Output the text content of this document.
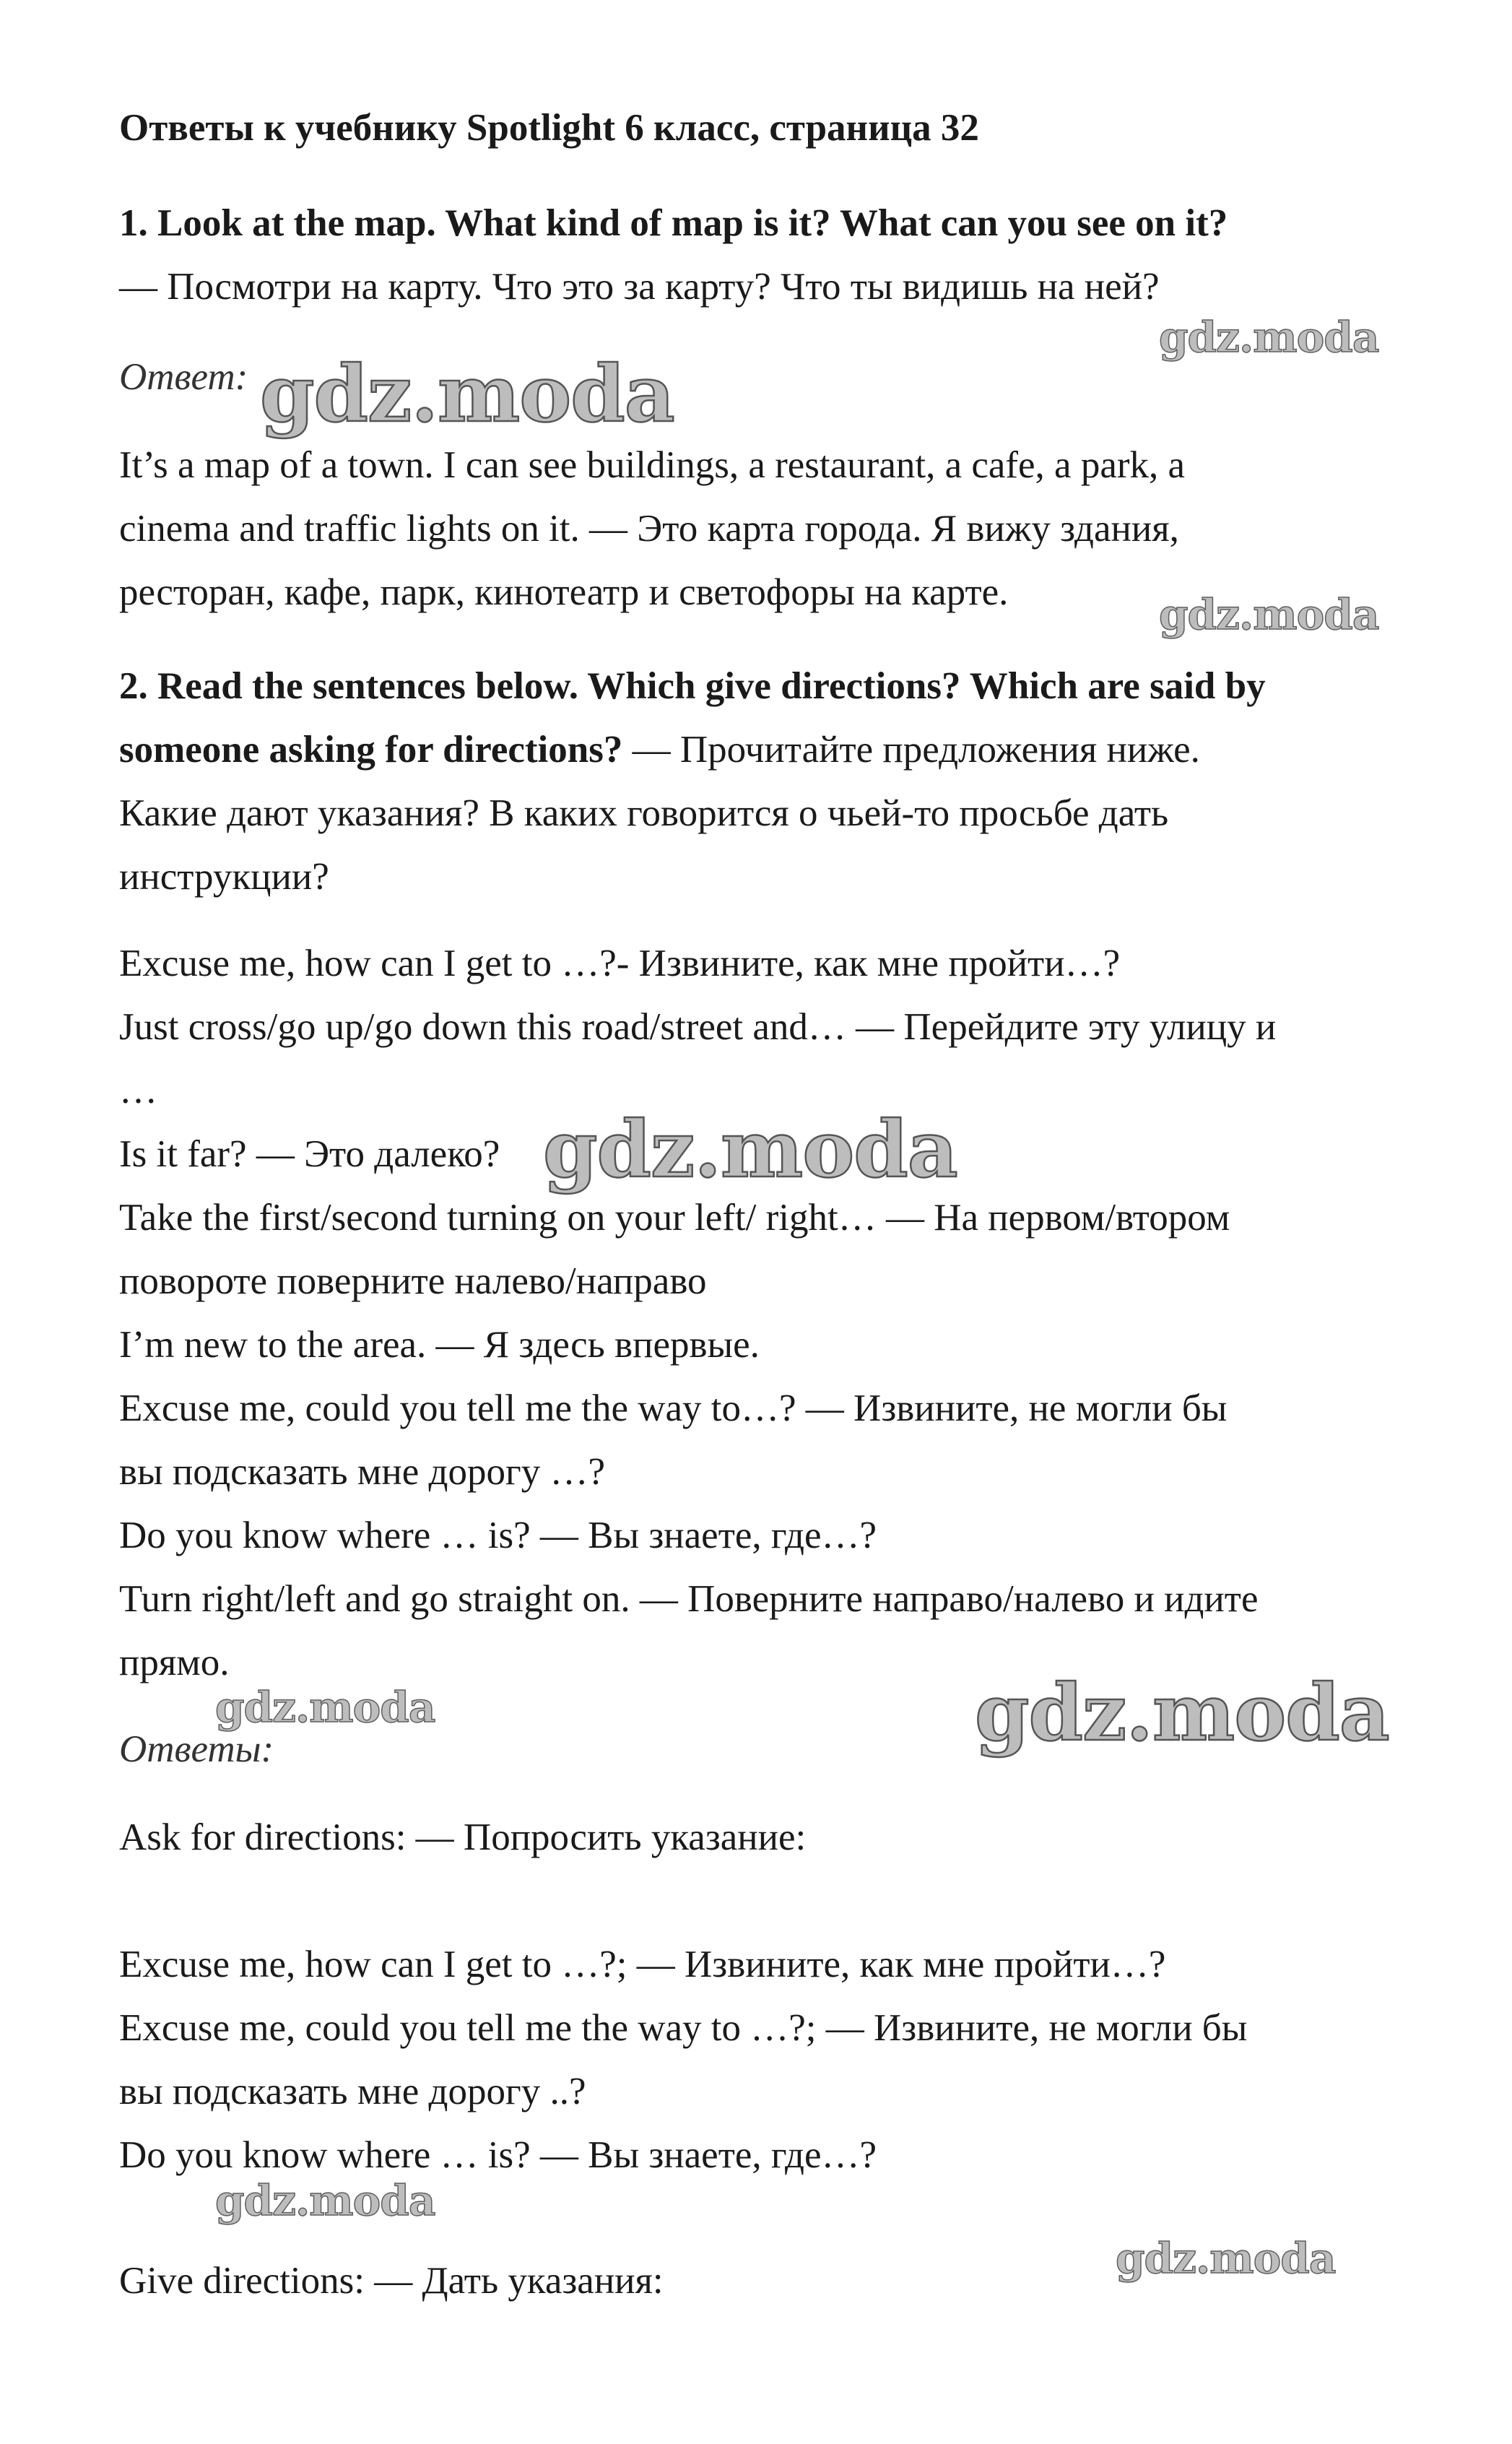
Ответы к учебнику Spotlight 6 класс, страница 32
1. Look at the map. What kind of map is it? What can you see on it?
— Посмотри на карту. Что это за карту? Что ты видишь на ней?
Ответ:
It’s a map of a town. I can see buildings, a restaurant, a cafe, a park, a
cinema and traffic lights on it. — Это карта города. Я вижу здания,
ресторан, кафе, парк, кинотеатр и светофоры на карте.
2. Read the sentences below. Which give directions? Which are said by
someone asking for directions? — Прочитайте предложения ниже.
Какие дают указания? В каких говорится о чьей-то просьбе дать
инструкции?
Excuse me, how can I get to …?- Извините, как мне пройти…?
Just cross/go up/go down this road/street and… — Перейдите эту улицу и
…
Is it far? — Это далеко?
Take the first/second turning on your left/ right… — На первом/втором
повороте поверните налево/направо
I’m new to the area. — Я здесь впервые.
Excuse me, could you tell me the way to…? — Извините, не могли бы
вы подсказать мне дорогу …?
Do you know where … is? — Вы знаете, где…?
Turn right/left and go straight on. — Поверните направо/налево и идите
прямо.
Ответы:
Ask for directions: — Попросить указание:
Excuse me, how can I get to …?; — Извините, как мне пройти…?
Excuse me, could you tell me the way to …?; — Извините, не могли бы
вы подсказать мне дорогу ..?
Do you know where … is? — Вы знаете, где…?
Give directions: — Дать указания:
gdz.moda
gdz.moda
gdz.moda
gdz.moda
gdz.moda	gdz.moda
gdz.moda
gdz.moda
